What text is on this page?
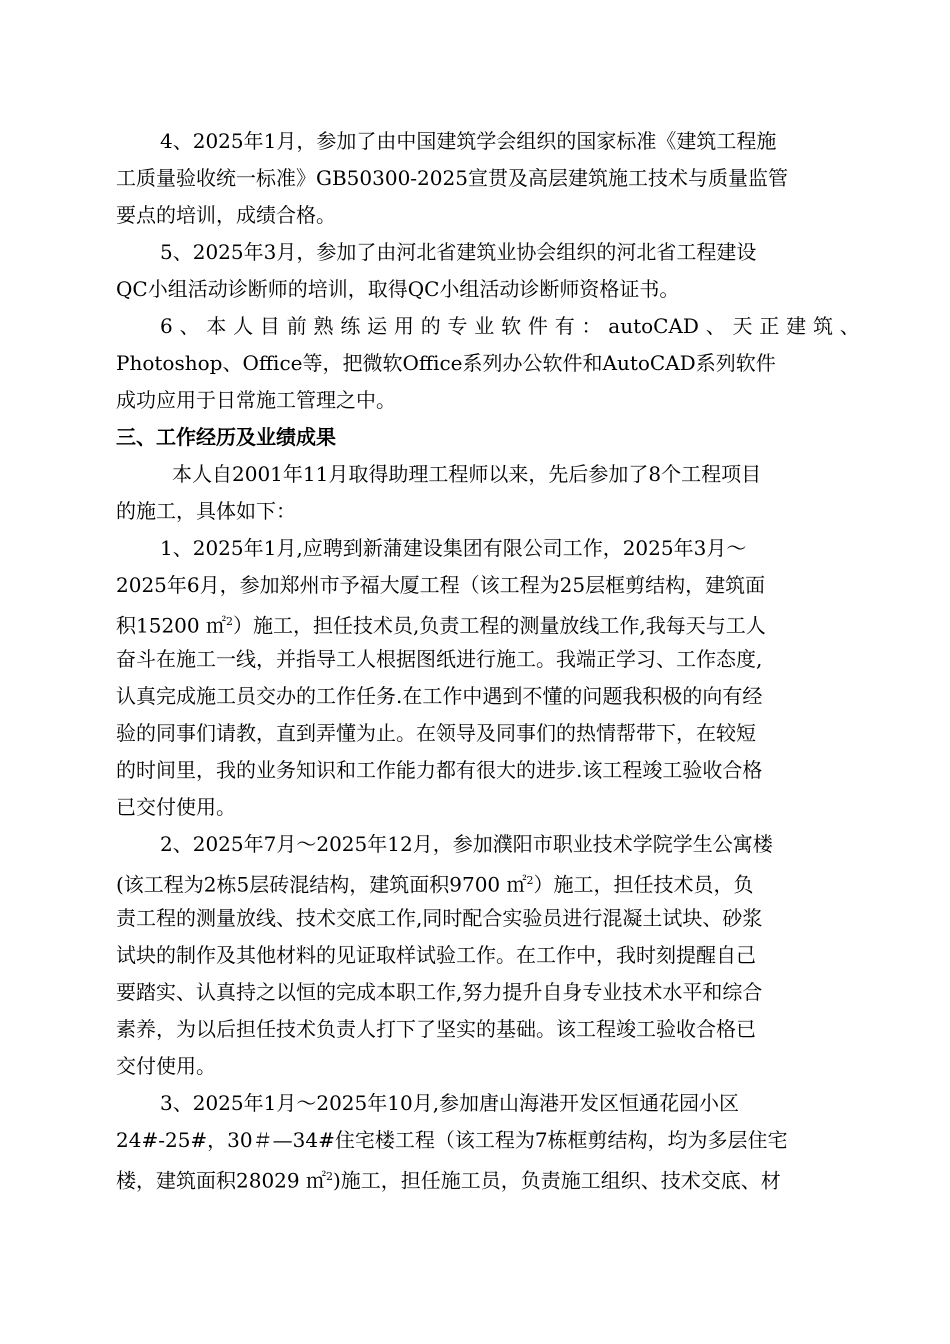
4、2025年1月，参加了由中国建筑学会组织的国家标准《建筑工程施
工质量验收统一标准》GB50300-2025宣贯及高层建筑施工技术与质量监管
要点的培训，成绩合格。
5、2025年3月，参加了由河北省建筑业协会组织的河北省工程建设
QC小组活动诊断师的培训，取得QC小组活动诊断师资格证书。
6 、 本 人 目 前 熟 练 运 用 的 专 业 软 件 有 ： autoCAD 、 天 正 建 筑 、
Photoshop、Office等，把微软Office系列办公软件和AutoCAD系列软件
成功应用于日常施工管理之中。
三、工作经历及业绩成果
本人自2001年11月取得助理工程师以来，先后参加了8个工程项目
的施工，具体如下：
1、2025年1月,应聘到新蒲建设集团有限公司工作，2025年3月～
2025年6月，参加郑州市予福大厦工程（该工程为25层框剪结构，建筑面
积15200 ㎡$^2$）施工，担任技术员,负责工程的测量放线工作,我每天与工人
奋斗在施工一线，并指导工人根据图纸进行施工。我端正学习、工作态度,
认真完成施工员交办的工作任务.在工作中遇到不懂的问题我积极的向有经
验的同事们请教，直到弄懂为止。在领导及同事们的热情帮带下，在较短
的时间里，我的业务知识和工作能力都有很大的进步.该工程竣工验收合格
已交付使用。
2、2025年7月～2025年12月，参加濮阳市职业技术学院学生公寓楼
(该工程为2栋5层砖混结构，建筑面积9700 ㎡$^2$）施工，担任技术员，负
责工程的测量放线、技术交底工作,同时配合实验员进行混凝土试块、砂浆
试块的制作及其他材料的见证取样试验工作。在工作中，我时刻提醒自己
要踏实、认真持之以恒的完成本职工作,努力提升自身专业技术水平和综合
素养，为以后担任技术负责人打下了坚实的基础。该工程竣工验收合格已
交付使用。
3、2025年1月～2025年10月,参加唐山海港开发区恒通花园小区
24#-25#，30＃—34#住宅楼工程（该工程为7栋框剪结构，均为多层住宅
楼，建筑面积28029 ㎡$^2$)施工，担任施工员，负责施工组织、技术交底、材
